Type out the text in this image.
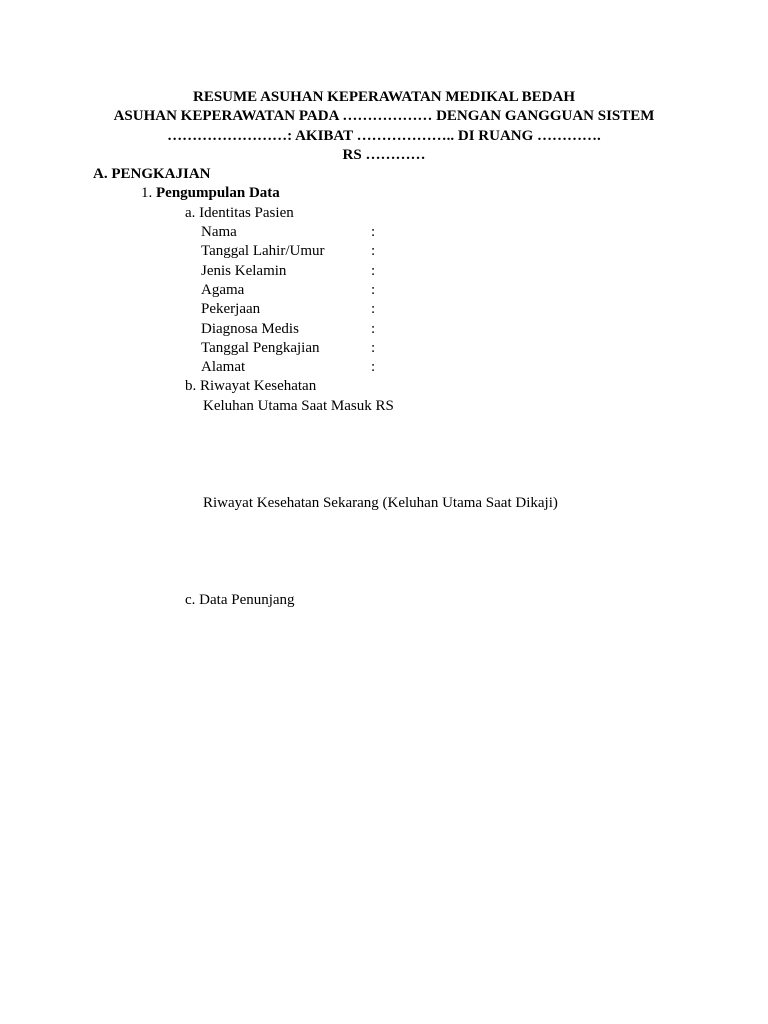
RESUME ASUHAN KEPERAWATAN MEDIKAL BEDAH
ASUHAN KEPERAWATAN PADA ……………… DENGAN GANGGUAN SISTEM
……………………: AKIBAT ……………….. DI RUANG ………….
RS …………
A. PENGKAJIAN
1. Pengumpulan Data
a. Identitas Pasien
Nama	:
Tanggal Lahir/Umur	:
Jenis Kelamin	:
Agama	:
Pekerjaan	:
Diagnosa Medis	:
Tanggal Pengkajian	:
Alamat	:
b. Riwayat Kesehatan
Keluhan Utama Saat Masuk RS
Riwayat Kesehatan Sekarang (Keluhan Utama Saat Dikaji)
c. Data Penunjang
